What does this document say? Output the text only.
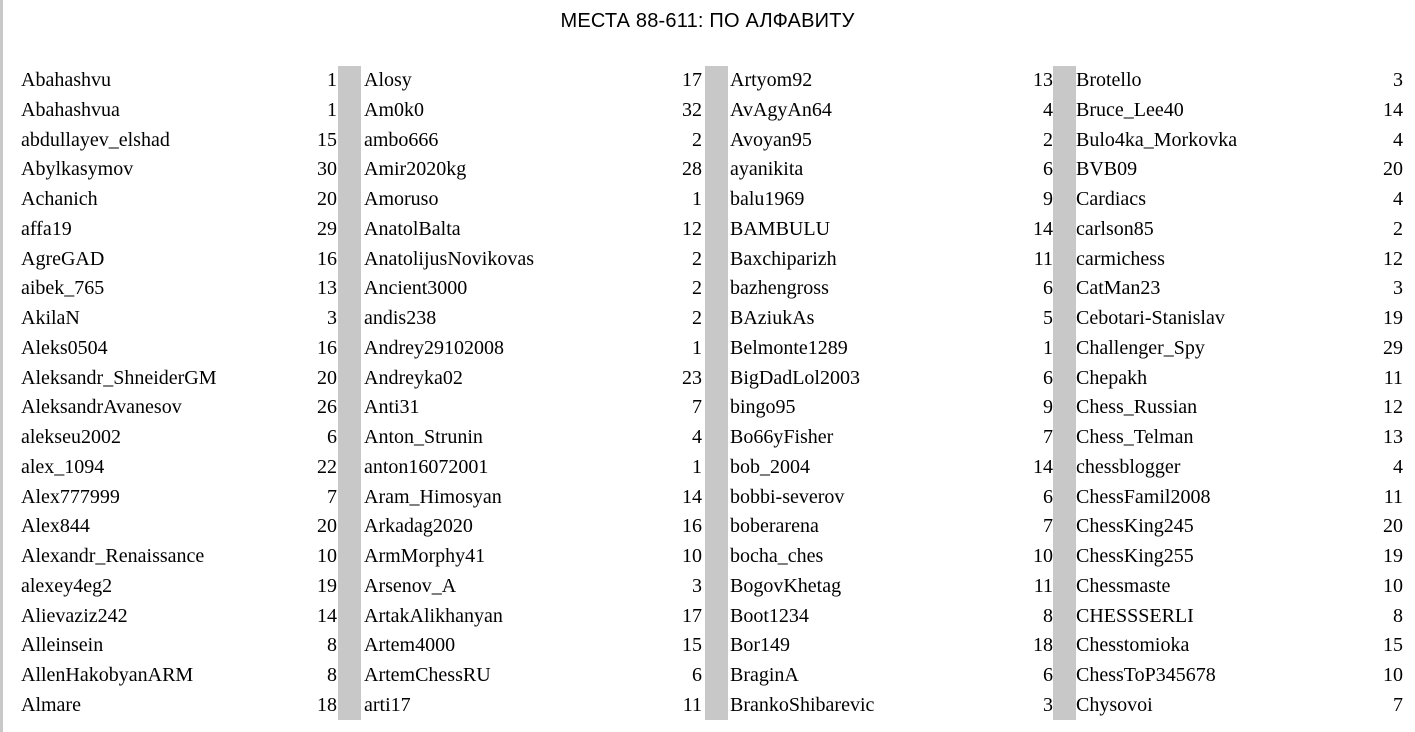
МЕСТА 88-611: ПО АЛФАВИТУ
Abahashvu	1
Abahashvua	1
abdullayev_elshad	15
Abylkasymov	30
Achanich	20
affa19	29
AgreGAD	16
aibek_765	13
AkilaN	3
Aleks0504	16
Aleksandr_ShneiderGM	20
AleksandrAvanesov	26
alekseu2002	6
alex_1094	22
Alex777999	7
Alex844	20
Alexandr_Renaissance	10
alexey4eg2	19
Alievaziz242	14
Alleinsein	8
AllenHakobyanARM	8
Almare	18
Alosy	17
Am0k0	32
ambo666	2
Amir2020kg	28
Amoruso	1
AnatolBalta	12
AnatolijusNovikovas	2
Ancient3000	2
andis238	2
Andrey29102008	1
Andreyka02	23
Anti31	7
Anton_Strunin	4
anton16072001	1
Aram_Himosyan	14
Arkadag2020	16
ArmMorphy41	10
Arsenov_A	3
ArtakAlikhanyan	17
Artem4000	15
ArtemChessRU	6
arti17	11
Artyom92	13
AvAgyAn64	4
Avoyan95	2
ayanikita	6
balu1969	9
BAMBULU	14
Baxchiparizh	11
bazhengross	6
BAziukAs	5
Belmonte1289	1
BigDadLol2003	6
bingo95	9
Bo66yFisher	7
bob_2004	14
bobbi-severov	6
boberarena	7
bocha_ches	10
BogovKhetag	11
Boot1234	8
Bor149	18
BraginA	6
BrankoShibarevic	3
Brotello	3
Bruce_Lee40	14
Bulo4ka_Morkovka	4
BVB09	20
Cardiacs	4
carlson85	2
carmichess	12
CatMan23	3
Cebotari-Stanislav	19
Challenger_Spy	29
Chepakh	11
Chess_Russian	12
Chess_Telman	13
chessblogger	4
ChessFamil2008	11
ChessKing245	20
ChessKing255	19
Chessmaste	10
CHESSSERLI	8
Chesstomioka	15
ChessToP345678	10
Chysovoi	7
